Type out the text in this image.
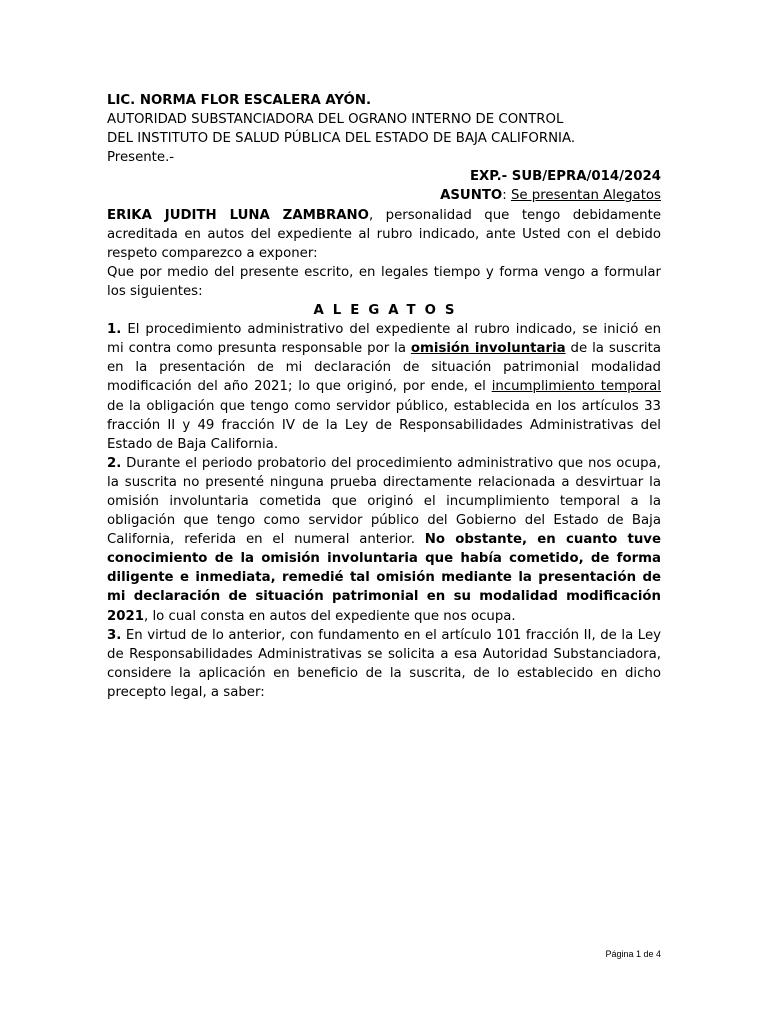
LIC. NORMA FLOR ESCALERA AYÓN.

AUTORIDAD SUBSTANCIADORA DEL OGRANO INTERNO DE CONTROL

DEL INSTITUTO DE SALUD PÚBLICA DEL ESTADO DE BAJA CALIFORNIA.

Presente.-

EXP.- SUB/EPRA/014/2024

ASUNTO: Se presentan Alegatos

ERIKA JUDITH LUNA ZAMBRANO, personalidad que tengo debidamente acreditada en autos del expediente al rubro indicado, ante Usted con el debido respeto comparezco a exponer:

Que por medio del presente escrito, en legales tiempo y forma vengo a formular los siguientes:

ALEGATOS

1. El procedimiento administrativo del expediente al rubro indicado, se inició en mi contra como presunta responsable por la omisión involuntaria de la suscrita en la presentación de mi declaración de situación patrimonial modalidad modificación del año 2021; lo que originó, por ende, el incumplimiento temporal de la obligación que tengo como servidor público, establecida en los artículos 33 fracción II y 49 fracción IV de la Ley de Responsabilidades Administrativas del Estado de Baja California.

2. Durante el periodo probatorio del procedimiento administrativo que nos ocupa, la suscrita no presenté ninguna prueba directamente relacionada a desvirtuar la omisión involuntaria cometida que originó el incumplimiento temporal a la obligación que tengo como servidor público del Gobierno del Estado de Baja California, referida en el numeral anterior. No obstante, en cuanto tuve conocimiento de la omisión involuntaria que había cometido, de forma diligente e inmediata, remedié tal omisión mediante la presentación de mi declaración de situación patrimonial en su modalidad modificación 2021, lo cual consta en autos del expediente que nos ocupa.

3. En virtud de lo anterior, con fundamento en el artículo 101 fracción II, de la Ley de Responsabilidades Administrativas se solicita a esa Autoridad Substanciadora, considere la aplicación en beneficio de la suscrita, de lo establecido en dicho precepto legal, a saber:

Página 1 de 4
